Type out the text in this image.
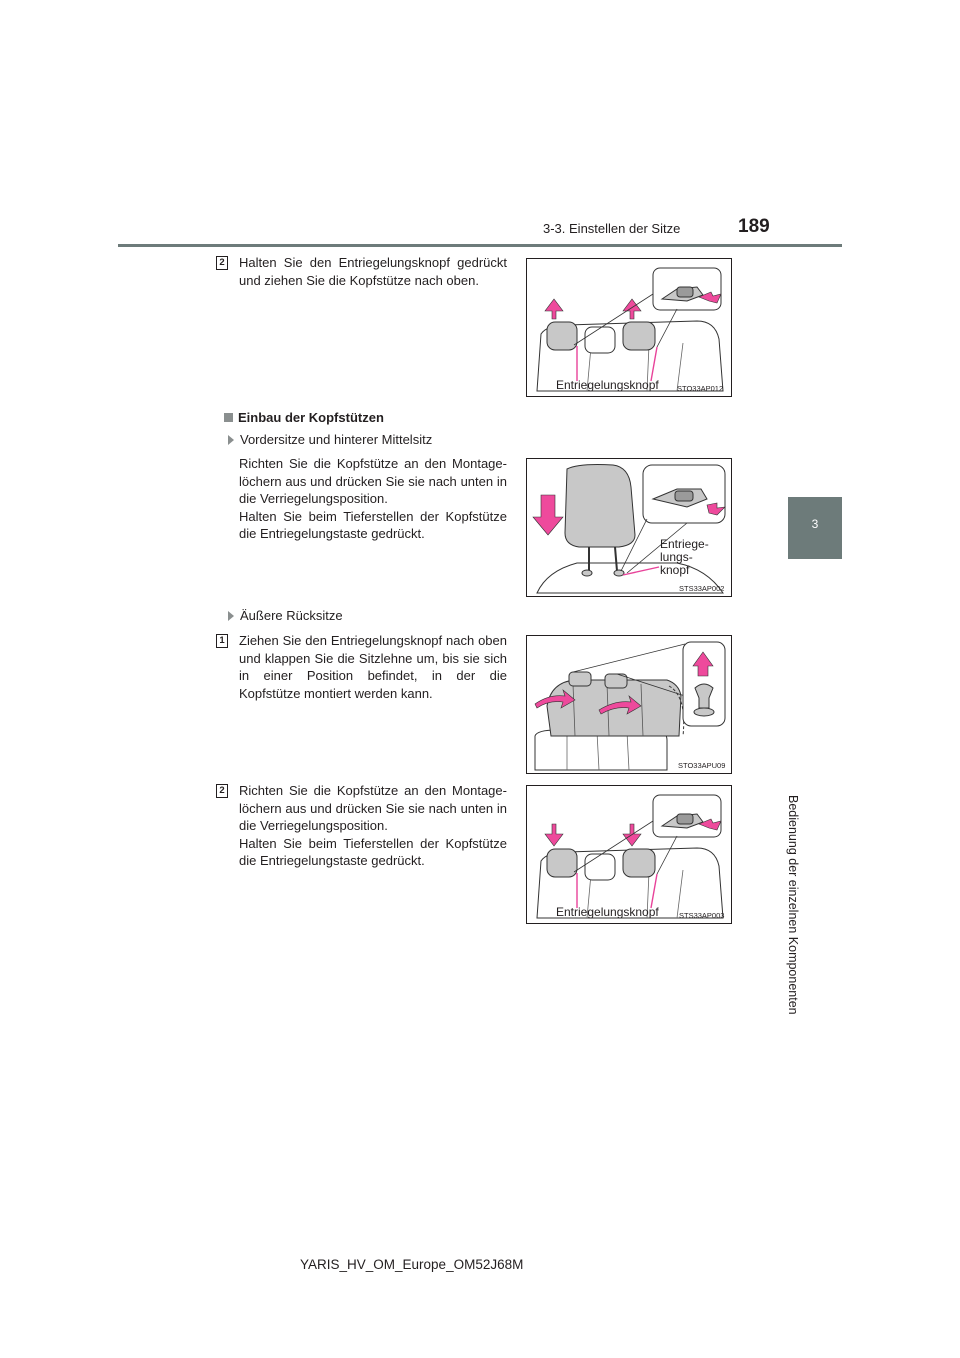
3-3. Einstellen der Sitze	189
3
Bedienung der einzelnen Komponenten
2 Halten Sie den Entriegelungsknopf gedrückt und ziehen Sie die Kopfstütze nach oben.
Entriegelungsknopf STO33AP012
Einbau der Kopfstützen
Vordersitze und hinterer Mittelsitz
Richten Sie die Kopfstütze an den Montagelöchern aus und drücken Sie sie nach unten in die Verriegelungsposition.
Halten Sie beim Tieferstellen der Kopfstütze die Entriegelungstaste gedrückt.
Entriege-
lungs-
knopf
STS33AP002
Äußere Rücksitze
1 Ziehen Sie den Entriegelungsknopf nach oben und klappen Sie die Sitzlehne um, bis sie sich in einer Position befindet, in der die Kopfstütze montiert werden kann.
STO33APU09
2 Richten Sie die Kopfstütze an den Montagelöchern aus und drücken Sie sie nach unten in die Verriegelungsposition.
Halten Sie beim Tieferstellen der Kopfstütze die Entriegelungstaste gedrückt.
Entriegelungsknopf	STS33AP003
YARIS_HV_OM_Europe_OM52J68M
